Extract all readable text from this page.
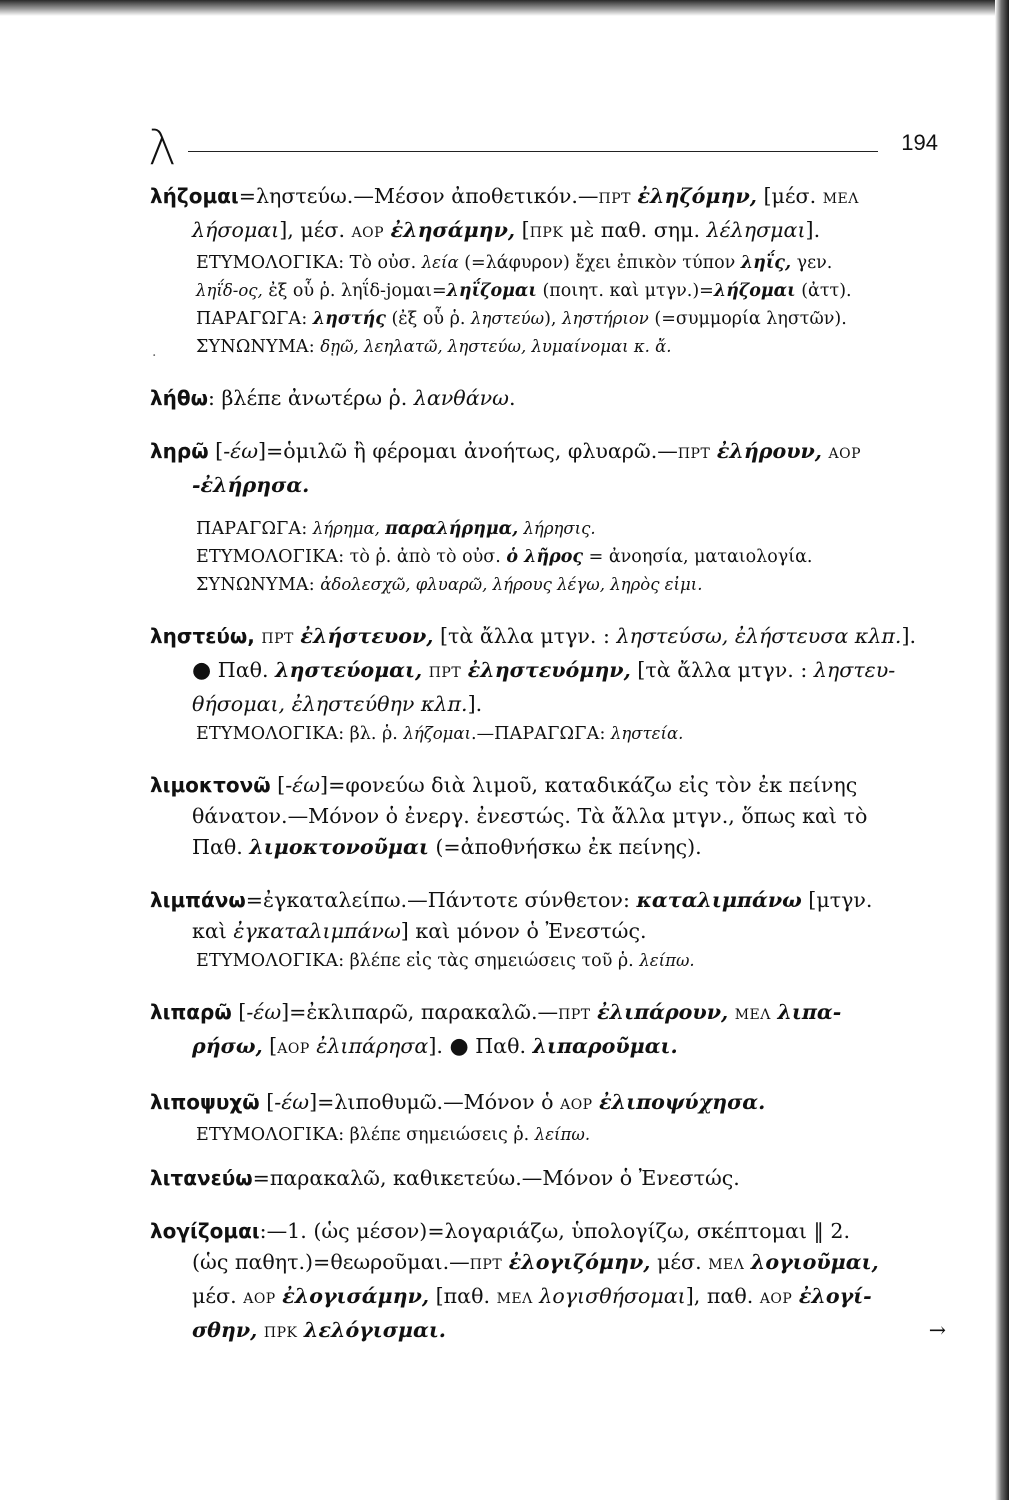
λ	194
λήζομαι=ληστεύω.—Μέσον ἀποθετικόν.—ΠΡΤ ἐληζόμην, [μέσ. ΜΕΛ
λήσομαι], μέσ. ΑΟΡ ἐλησάμην, [ΠΡΚ μὲ παθ. σημ. λέλησμαι].
ΕΤΥΜΟΛΟΓΙΚΑ: Τὸ οὐσ. λεία (=λάφυρον) ἔχει ἐπικὸν τύπον ληΐς, γεν.
ληΐδ-ος, ἐξ οὗ ῥ. ληΐδ-jομαι=ληΐζομαι (ποιητ. καὶ μτγν.)=λήζομαι (ἀττ).
ΠΑΡΑΓΩΓΑ: ληστής (ἐξ οὗ ῥ. ληστεύω), ληστήριον (=συμμορία ληστῶν).
ΣΥΝΩΝΥΜΑ: δῃῶ, λεηλατῶ, ληστεύω, λυμαίνομαι κ. ἄ.
λήθω: βλέπε ἀνωτέρω ῥ. λανθάνω.
ληρῶ [-έω]=ὁμιλῶ ἢ φέρομαι ἀνοήτως, φλυαρῶ.—ΠΡΤ ἐλήρουν, ΑΟΡ
-ἐλήρησα.
ΠΑΡΑΓΩΓΑ: λήρημα, παραλήρημα, λήρησις.
ΕΤΥΜΟΛΟΓΙΚΑ: τὸ ῥ. ἀπὸ τὸ οὐσ. ὁ λῆρος = ἀνοησία, ματαιολογία.
ΣΥΝΩΝΥΜΑ: ἀδολεσχῶ, φλυαρῶ, λήρους λέγω, ληρὸς εἰμι.
ληστεύω, ΠΡΤ ἐλήστευον, [τὰ ἄλλα μτγν. : ληστεύσω, ἐλήστευσα κλπ.].
● Παθ. ληστεύομαι, ΠΡΤ ἐληστευόμην, [τὰ ἄλλα μτγν. : ληστευ-
θήσομαι, ἐληστεύθην κλπ.].
ΕΤΥΜΟΛΟΓΙΚΑ: βλ. ῥ. λήζομαι.—ΠΑΡΑΓΩΓΑ: ληστεία.
λιμοκτονῶ [-έω]=φονεύω διὰ λιμοῦ, καταδικάζω εἰς τὸν ἐκ πείνης
θάνατον.—Μόνον ὁ ἐνεργ. ἐνεστώς. Τὰ ἄλλα μτγν., ὅπως καὶ τὸ
Παθ. λιμοκτονοῦμαι (=ἀποθνήσκω ἐκ πείνης).
λιμπάνω=ἐγκαταλείπω.—Πάντοτε σύνθετον: καταλιμπάνω [μτγν.
καὶ ἐγκαταλιμπάνω] καὶ μόνον ὁ Ἐνεστώς.
ΕΤΥΜΟΛΟΓΙΚΑ: βλέπε εἰς τὰς σημειώσεις τοῦ ῥ. λείπω.
λιπαρῶ [-έω]=ἐκλιπαρῶ, παρακαλῶ.—ΠΡΤ ἐλιπάρουν, ΜΕΛ λιπα-
ρήσω, [ΑΟΡ ἐλιπάρησα]. ● Παθ. λιπαροῦμαι.
λιποψυχῶ [-έω]=λιποθυμῶ.—Μόνον ὁ ΑΟΡ ἐλιποψύχησα.
ΕΤΥΜΟΛΟΓΙΚΑ: βλέπε σημειώσεις ῥ. λείπω.
λιτανεύω=παρακαλῶ, καθικετεύω.—Μόνον ὁ Ἐνεστώς.
λογίζομαι:—1. (ὡς μέσον)=λογαριάζω, ὑπολογίζω, σκέπτομαι ‖ 2.
(ὡς παθητ.)=θεωροῦμαι.—ΠΡΤ ἐλογιζόμην, μέσ. ΜΕΛ λογιοῦμαι,
μέσ. ΑΟΡ ἐλογισάμην, [παθ. ΜΕΛ λογισθήσομαι], παθ. ΑΟΡ ἐλογί-
σθην, ΠΡΚ λελόγισμαι.	→
·
